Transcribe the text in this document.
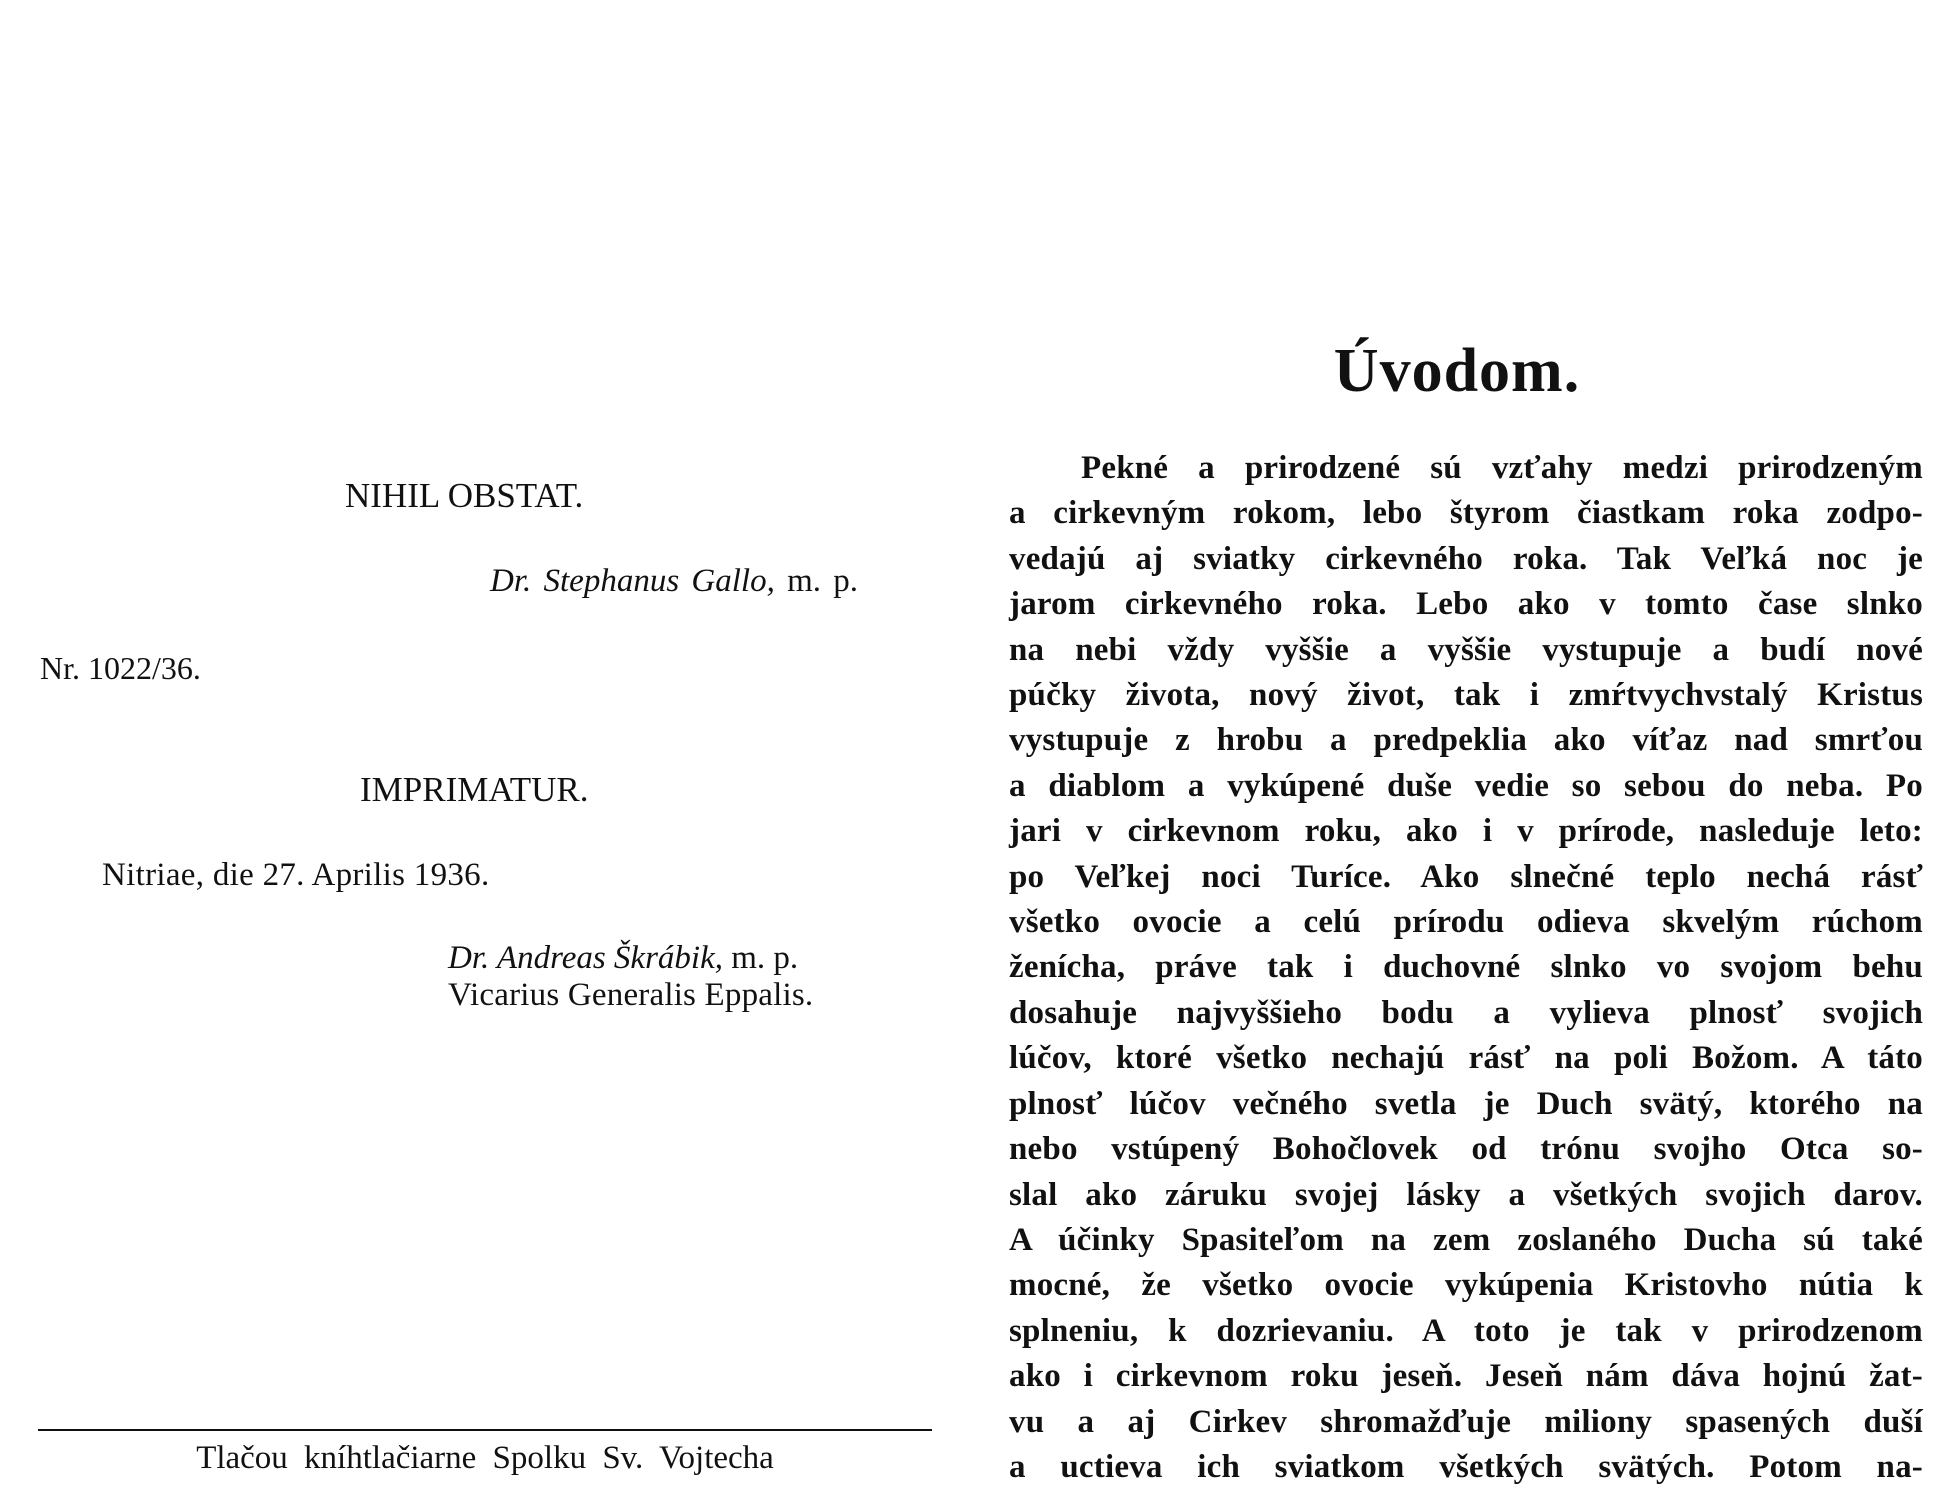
NIHIL OBSTAT.
Dr. Stephanus Gallo, m. p.
Nr. 1022/36.
IMPRIMATUR.
Nitriae, die 27. Aprilis 1936.
Dr. Andreas Škrábik, m. p.
Vicarius Generalis Eppalis.
Tlačou kníhtlačiarne Spolku Sv. Vojtecha
Úvodom.
Pekné a prirodzené sú vzťahy medzi prirodzeným
a cirkevným rokom, lebo štyrom čiastkam roka zodpo-
vedajú aj sviatky cirkevného roka. Tak Veľká noc je
jarom cirkevného roka. Lebo ako v tomto čase slnko
na nebi vždy vyššie a vyššie vystupuje a budí nové
púčky života, nový život, tak i zmŕtvychvstalý Kristus
vystupuje z hrobu a predpeklia ako víťaz nad smrťou
a diablom a vykúpené duše vedie so sebou do neba. Po
jari v cirkevnom roku, ako i v prírode, nasleduje leto:
po Veľkej noci Turíce. Ako slnečné teplo nechá rásť
všetko ovocie a celú prírodu odieva skvelým rúchom
ženícha, práve tak i duchovné slnko vo svojom behu
dosahuje najvyššieho bodu a vylieva plnosť svojich
lúčov, ktoré všetko nechajú rásť na poli Božom. A táto
plnosť lúčov večného svetla je Duch svätý, ktorého na
nebo vstúpený Bohočlovek od trónu svojho Otca so-
slal ako záruku svojej lásky a všetkých svojich darov.
A účinky Spasiteľom na zem zoslaného Ducha sú také
mocné, že všetko ovocie vykúpenia Kristovho nútia k
splneniu, k dozrievaniu. A toto je tak v prirodzenom
ako i cirkevnom roku jeseň. Jeseň nám dáva hojnú žat-
vu a aj Cirkev shromažďuje miliony spasených duší
a uctieva ich sviatkom všetkých svätých. Potom na-
